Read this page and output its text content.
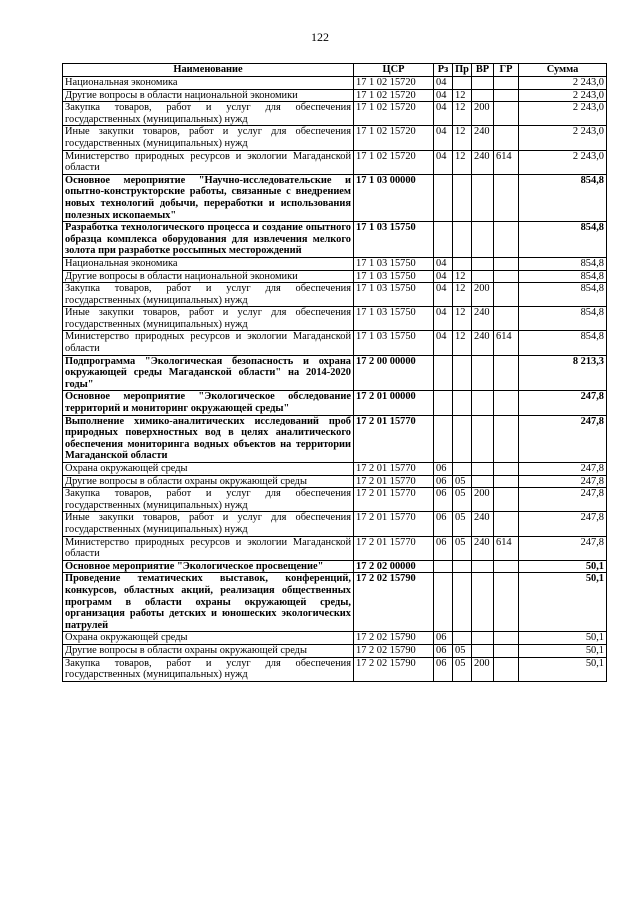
122
Наименование	ЦСР	Рз	Пр	ВР	ГР	Сумма
Национальная экономика	17 1 02 15720	04				2 243,0
Другие вопросы в области национальной экономики	17 1 02 15720	04	12			2 243,0
Закупка товаров, работ и услуг для обеспечения государственных (муниципальных) нужд	17 1 02 15720	04	12	200		2 243,0
Иные закупки товаров, работ и услуг для обеспечения государственных (муниципальных) нужд	17 1 02 15720	04	12	240		2 243,0
Министерство природных ресурсов и экологии Магаданской области	17 1 02 15720	04	12	240	614	2 243,0
Основное мероприятие "Научно-исследовательские и опытно-конструкторские работы, связанные с внедрением новых технологий добычи, переработки и использования полезных ископаемых"	17 1 03 00000					854,8
Разработка технологического процесса и создание опытного образца комплекса оборудования для извлечения мелкого золота при разработке россыпных месторождений	17 1 03 15750					854,8
Национальная экономика	17 1 03 15750	04				854,8
Другие вопросы в области национальной экономики	17 1 03 15750	04	12			854,8
Закупка товаров, работ и услуг для обеспечения государственных (муниципальных) нужд	17 1 03 15750	04	12	200		854,8
Иные закупки товаров, работ и услуг для обеспечения государственных (муниципальных) нужд	17 1 03 15750	04	12	240		854,8
Министерство природных ресурсов и экологии Магаданской области	17 1 03 15750	04	12	240	614	854,8
Подпрограмма "Экологическая безопасность и охрана окружающей среды Магаданской области" на 2014-2020 годы"	17 2 00 00000					8 213,3
Основное мероприятие "Экологическое обследование территорий и мониторинг окружающей среды"	17 2 01 00000					247,8
Выполнение химико-аналитических исследований проб природных поверхностных вод в целях аналитического обеспечения мониторинга водных объектов на территории Магаданской области	17 2 01 15770					247,8
Охрана окружающей среды	17 2 01 15770	06				247,8
Другие вопросы в области охраны окружающей среды	17 2 01 15770	06	05			247,8
Закупка товаров, работ и услуг для обеспечения государственных (муниципальных) нужд	17 2 01 15770	06	05	200		247,8
Иные закупки товаров, работ и услуг для обеспечения государственных (муниципальных) нужд	17 2 01 15770	06	05	240		247,8
Министерство природных ресурсов и экологии Магаданской области	17 2 01 15770	06	05	240	614	247,8
Основное мероприятие "Экологическое просвещение"	17 2 02 00000					50,1
Проведение тематических выставок, конференций, конкурсов, областных акций, реализация общественных программ в области охраны окружающей среды, организация работы детских и юношеских экологических патрулей	17 2 02 15790					50,1
Охрана окружающей среды	17 2 02 15790	06				50,1
Другие вопросы в области охраны окружающей среды	17 2 02 15790	06	05			50,1
Закупка товаров, работ и услуг для обеспечения государственных (муниципальных) нужд	17 2 02 15790	06	05	200		50,1
